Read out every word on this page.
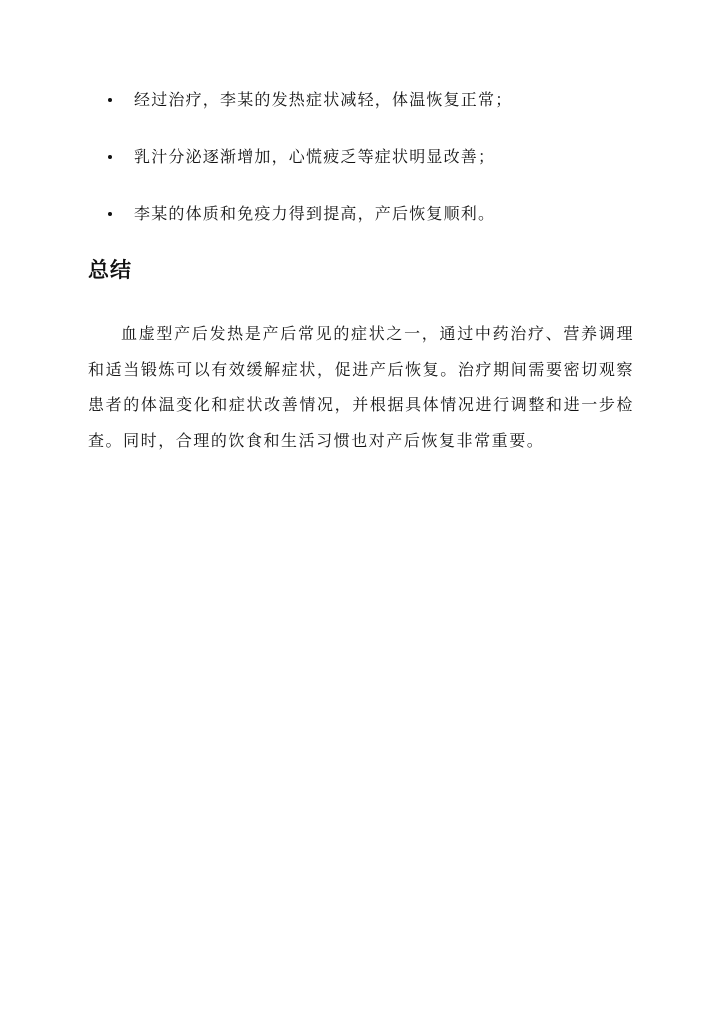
经过治疗，李某的发热症状减轻，体温恢复正常；
乳汁分泌逐渐增加，心慌疲乏等症状明显改善；
李某的体质和免疫力得到提高，产后恢复顺利。
总结

血虚型产后发热是产后常见的症状之一，通过中药治疗、营养调理和适当锻炼可以有效缓解症状，促进产后恢复。治疗期间需要密切观察患者的体温变化和症状改善情况，并根据具体情况进行调整和进一步检查。同时，合理的饮食和生活习惯也对产后恢复非常重要。
